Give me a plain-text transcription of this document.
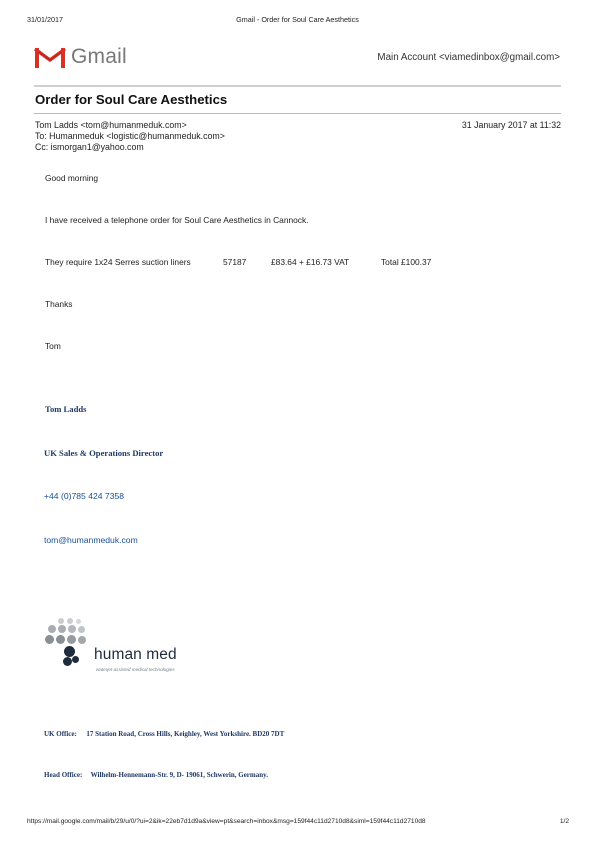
31/01/2017	Gmail - Order for Soul Care Aesthetics
Gmail	Main Account <viamedinbox@gmail.com>
Order for Soul Care Aesthetics
Tom Ladds <tom@humanmeduk.com>	31 January 2017 at 11:32
To: Humanmeduk <logistic@humanmeduk.com>
Cc: ismorgan1@yahoo.com
Good morning
I have received a telephone order for Soul Care Aesthetics in Cannock.
They require 1x24 Serres suction liners	57187	£83.64 + £16.73 VAT	Total £100.37
Thanks
Tom
Tom Ladds
UK Sales & Operations Director
+44 (0)785 424 7358
tom@humanmeduk.com
human med
waterjet-assisted medical technologies
UK Office: 17 Station Road, Cross Hills, Keighley, West Yorkshire. BD20 7DT
Head Office: Wilhelm-Hennemann-Str. 9, D- 19061, Schwerin, Germany.
https://mail.google.com/mail/b/29/u/0/?ui=2&ik=22eb7d1d9a&view=pt&search=inbox&msg=159f44c11d2710d8&siml=159f44c11d2710d8	1/2
